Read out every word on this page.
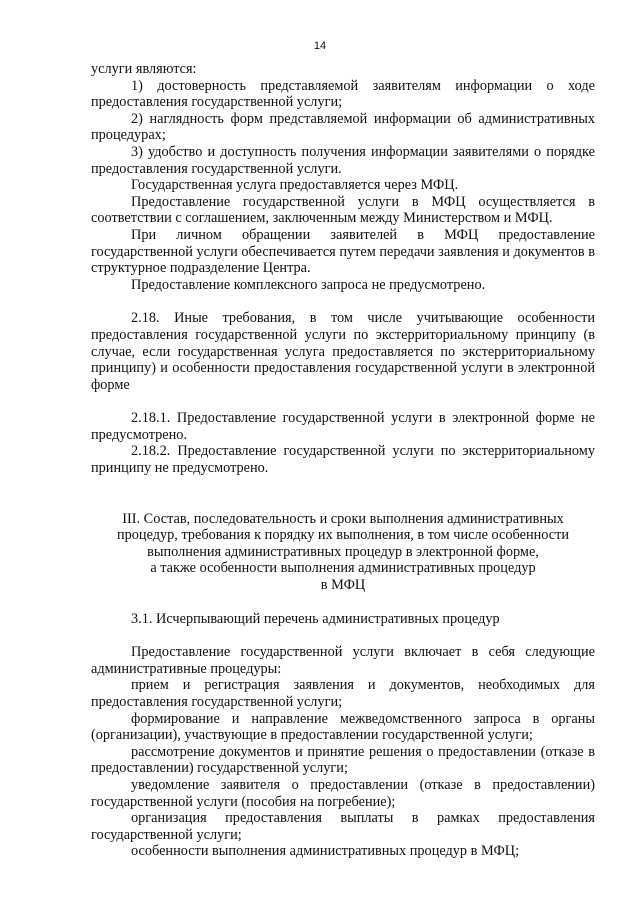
14

услуги являются:

1) достоверность представляемой заявителям информации о ходе предоставления государственной услуги;

2) наглядность форм представляемой информации об административных процедурах;

3) удобство и доступность получения информации заявителями о порядке предоставления государственной услуги.

Государственная услуга предоставляется через МФЦ.

Предоставление государственной услуги в МФЦ осуществляется в соответствии с соглашением, заключенным между Министерством и МФЦ.

При личном обращении заявителей в МФЦ предоставление государственной услуги обеспечивается путем передачи заявления и документов в структурное подразделение Центра.

Предоставление комплексного запроса не предусмотрено.

2.18. Иные требования, в том числе учитывающие особенности предоставления государственной услуги по экстерриториальному принципу (в случае, если государственная услуга предоставляется по экстерриториальному принципу) и особенности предоставления государственной услуги в электронной форме

2.18.1. Предоставление государственной услуги в электронной форме не предусмотрено.

2.18.2. Предоставление государственной услуги по экстерриториальному принципу не предусмотрено.

III. Состав, последовательность и сроки выполнения административных

процедур, требования к порядку их выполнения, в том числе особенности

выполнения административных процедур в электронной форме,

а также особенности выполнения административных процедур

в МФЦ

3.1. Исчерпывающий перечень административных процедур

Предоставление государственной услуги включает в себя следующие административные процедуры:

прием и регистрация заявления и документов, необходимых для предоставления государственной услуги;

формирование и направление межведомственного запроса в органы (организации), участвующие в предоставлении государственной услуги;

рассмотрение документов и принятие решения о предоставлении (отказе в предоставлении) государственной услуги;

уведомление заявителя о предоставлении (отказе в предоставлении) государственной услуги (пособия на погребение);

организация предоставления выплаты в рамках предоставления государственной услуги;

особенности выполнения административных процедур в МФЦ;
